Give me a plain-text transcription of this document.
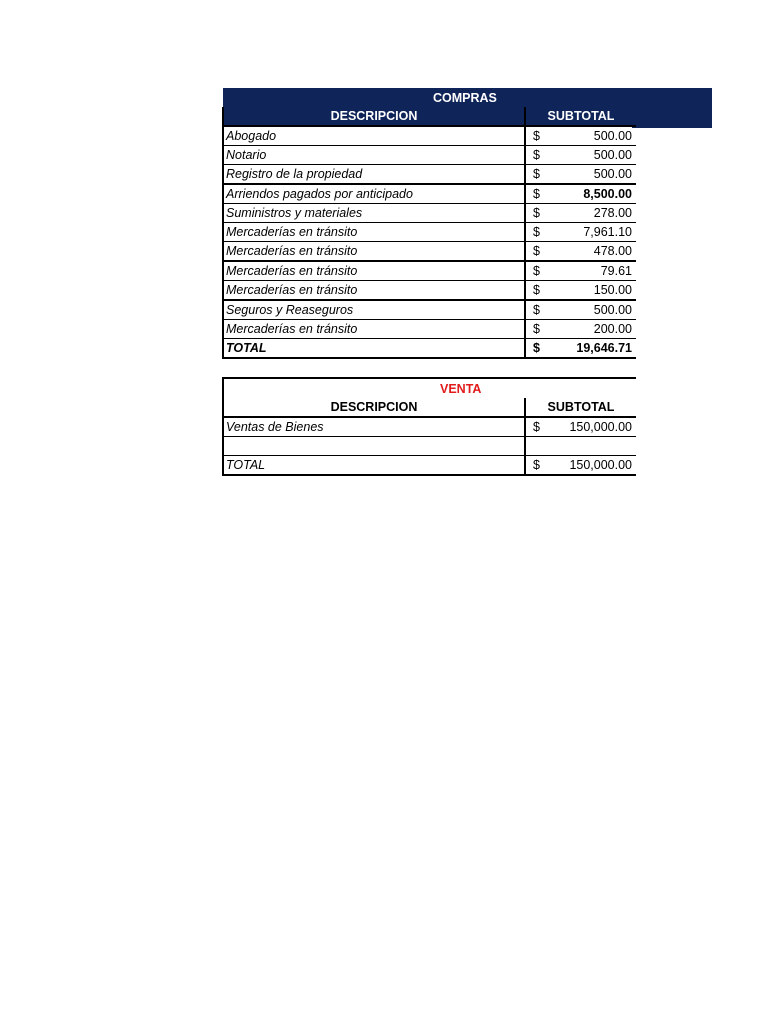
COMPRAS	
DESCRIPCION	SUBTOTAL
Abogado	$ 500.00

Notario	$ 500.00

Registro de la propiedad	$ 500.00

Arriendos pagados por anticipado	$ 8,500.00

Suministros y materiales	$ 278.00

Mercaderías en tránsito	$ 7,961.10

Mercaderías en tránsito	$ 478.00

Mercaderías en tránsito	$ 79.61

Mercaderías en tránsito	$ 150.00

Seguros y Reaseguros	$ 500.00

Mercaderías en tránsito	$ 200.00

TOTAL	$ 19,646.71
VENTA	
DESCRIPCION	SUBTOTAL
Ventas de Bienes	$ 150,000.00

TOTAL	$ 150,000.00
